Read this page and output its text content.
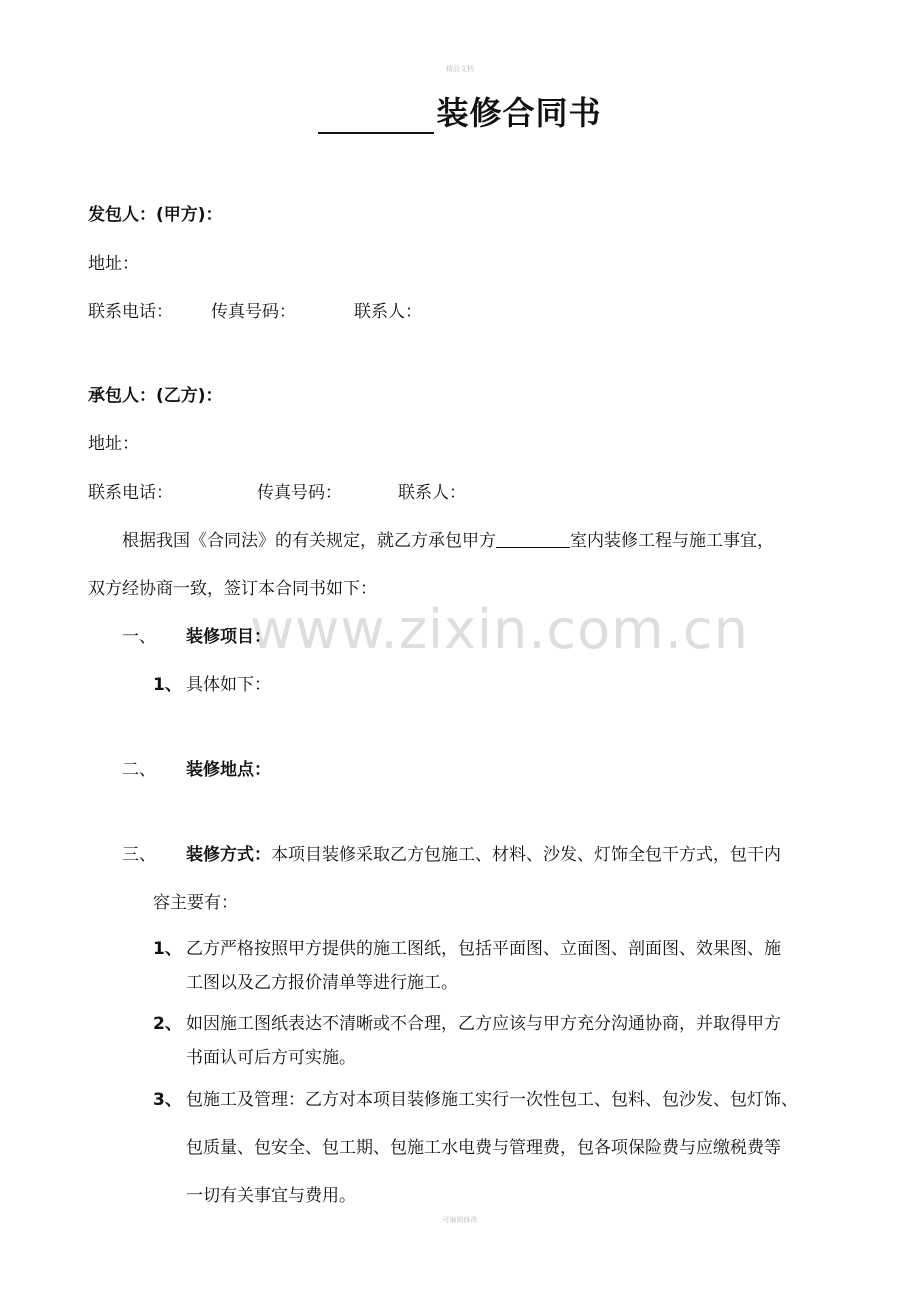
精品文档
装修合同书
发包人：(甲方)：
地址：
联系电话： 传真号码：	联系人：
承包人：(乙方)：
地址：
联系电话：	传真号码：	联系人：
根据我国《合同法》的有关规定，就乙方承包甲方	室内装修工程与施工事宜，
双方经协商一致，签订本合同书如下：
www.zixin.com.cn
一、 装修项目：
1、 具体如下：
二、 装修地点：
三、 装修方式：本项目装修采取乙方包施工、材料、沙发、灯饰全包干方式，包干内
容主要有：
1、 乙方严格按照甲方提供的施工图纸，包括平面图、立面图、剖面图、效果图、施
工图以及乙方报价清单等进行施工。
2、 如因施工图纸表达不清晰或不合理，乙方应该与甲方充分沟通协商，并取得甲方
书面认可后方可实施。
3、 包施工及管理：乙方对本项目装修施工实行一次性包工、包料、包沙发、包灯饰、
包质量、包安全、包工期、包施工水电费与管理费，包各项保险费与应缴税费等
一切有关事宜与费用。
可编辑修改
